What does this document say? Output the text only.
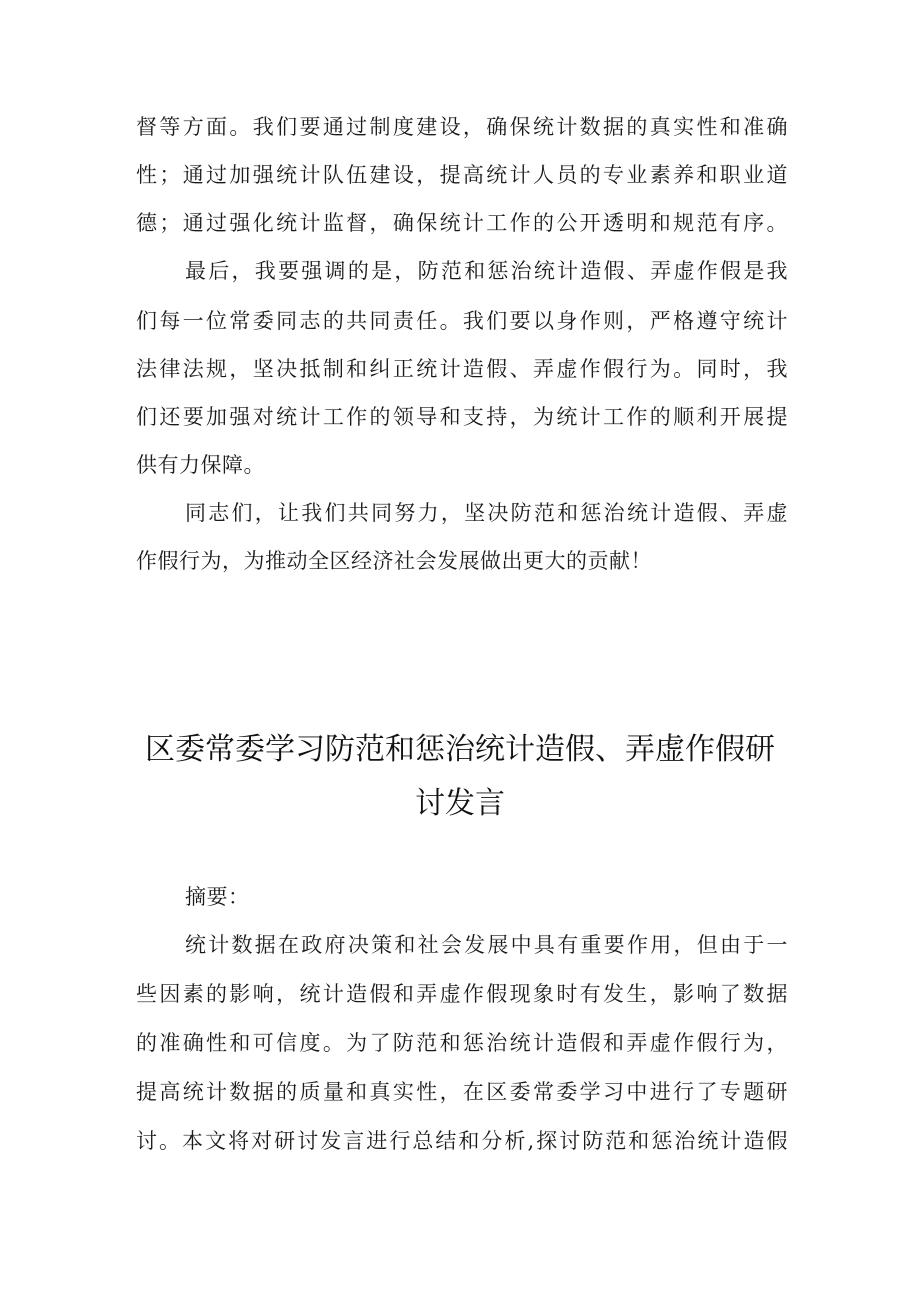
督等方面。我们要通过制度建设，确保统计数据的真实性和准确
性；通过加强统计队伍建设，提高统计人员的专业素养和职业道
德；通过强化统计监督，确保统计工作的公开透明和规范有序。
最后，我要强调的是，防范和惩治统计造假、弄虚作假是我
们每一位常委同志的共同责任。我们要以身作则，严格遵守统计
法律法规，坚决抵制和纠正统计造假、弄虚作假行为。同时，我
们还要加强对统计工作的领导和支持，为统计工作的顺利开展提
供有力保障。
同志们，让我们共同努力，坚决防范和惩治统计造假、弄虚
作假行为，为推动全区经济社会发展做出更大的贡献！
区委常委学习防范和惩治统计造假、弄虚作假研
讨发言
摘要：
统计数据在政府决策和社会发展中具有重要作用，但由于一
些因素的影响，统计造假和弄虚作假现象时有发生，影响了数据
的准确性和可信度。为了防范和惩治统计造假和弄虚作假行为，
提高统计数据的质量和真实性，在区委常委学习中进行了专题研
讨。本文将对研讨发言进行总结和分析,探讨防范和惩治统计造假
